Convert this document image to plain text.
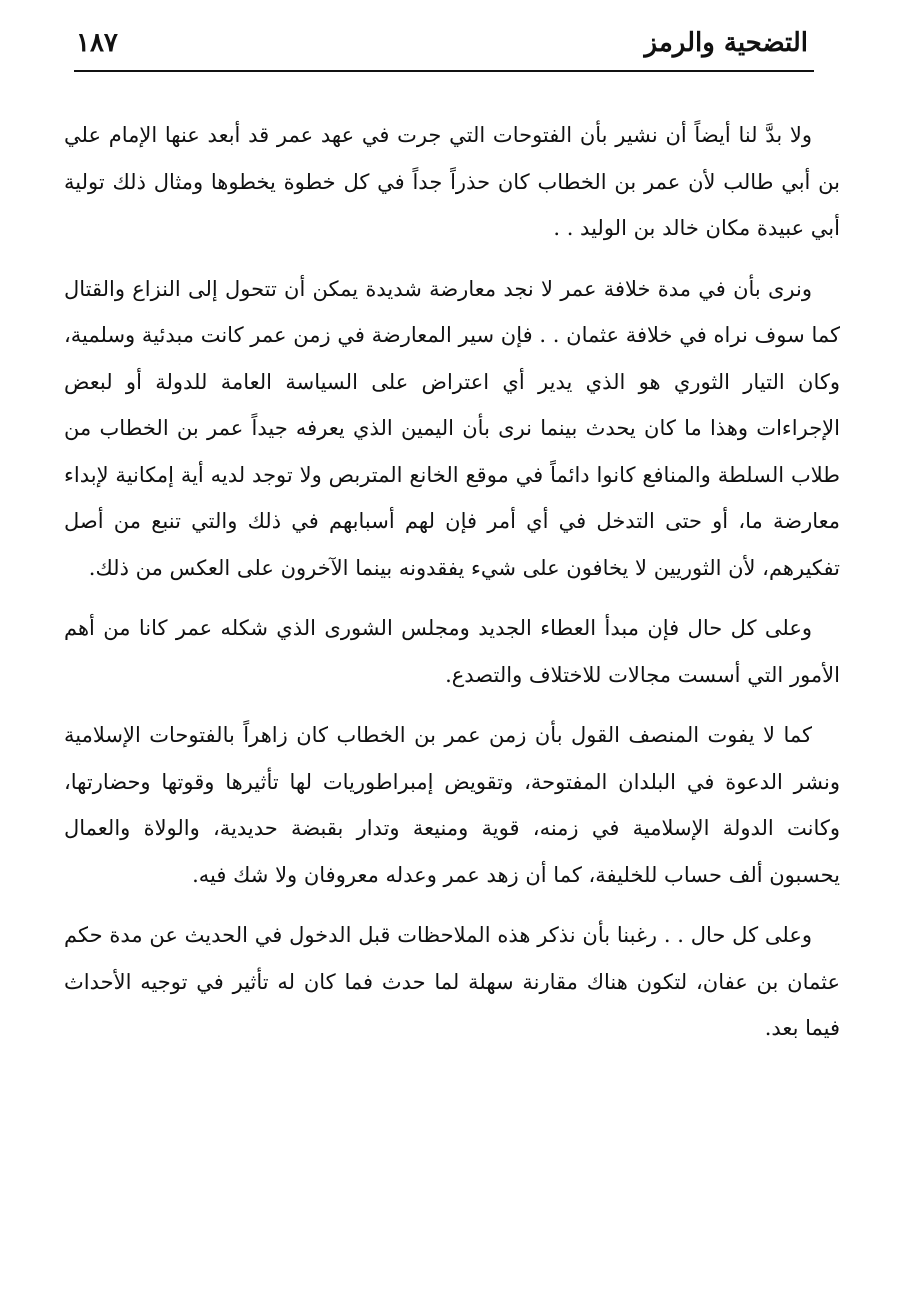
التضحية والرمز
١٨٧

ولا بدَّ لنا أيضاً أن نشير بأن الفتوحات التي جرت في عهد عمر قد أبعد عنها الإمام علي بن أبي طالب لأن عمر بن الخطاب كان حذراً جداً في كل خطوة يخطوها ومثال ذلك تولية أبي عبيدة مكان خالد بن الوليد . .

ونرى بأن في مدة خلافة عمر لا نجد معارضة شديدة يمكن أن تتحول إلى النزاع والقتال كما سوف نراه في خلافة عثمان . . فإن سير المعارضة في زمن عمر كانت مبدئية وسلمية، وكان التيار الثوري هو الذي يدير أي اعتراض على السياسة العامة للدولة أو لبعض الإجراءات وهذا ما كان يحدث بينما نرى بأن اليمين الذي يعرفه جيداً عمر بن الخطاب من طلاب السلطة والمنافع كانوا دائماً في موقع الخانع المتربص ولا توجد لديه أية إمكانية لإبداء معارضة ما، أو حتى التدخل في أي أمر فإن لهم أسبابهم في ذلك والتي تنبع من أصل تفكيرهم، لأن الثوريين لا يخافون على شيء يفقدونه بينما الآخرون على العكس من ذلك.

وعلى كل حال فإن مبدأ العطاء الجديد ومجلس الشورى الذي شكله عمر كانا من أهم الأمور التي أسست مجالات للاختلاف والتصدع.

كما لا يفوت المنصف القول بأن زمن عمر بن الخطاب كان زاهراً بالفتوحات الإسلامية ونشر الدعوة في البلدان المفتوحة، وتقويض إمبراطوريات لها تأثيرها وقوتها وحضارتها، وكانت الدولة الإسلامية في زمنه، قوية ومنيعة وتدار بقبضة حديدية، والولاة والعمال يحسبون ألف حساب للخليفة، كما أن زهد عمر وعدله معروفان ولا شك فيه.

وعلى كل حال . . رغبنا بأن نذكر هذه الملاحظات قبل الدخول في الحديث عن مدة حكم عثمان بن عفان، لتكون هناك مقارنة سهلة لما حدث فما كان له تأثير في توجيه الأحداث فيما بعد.
